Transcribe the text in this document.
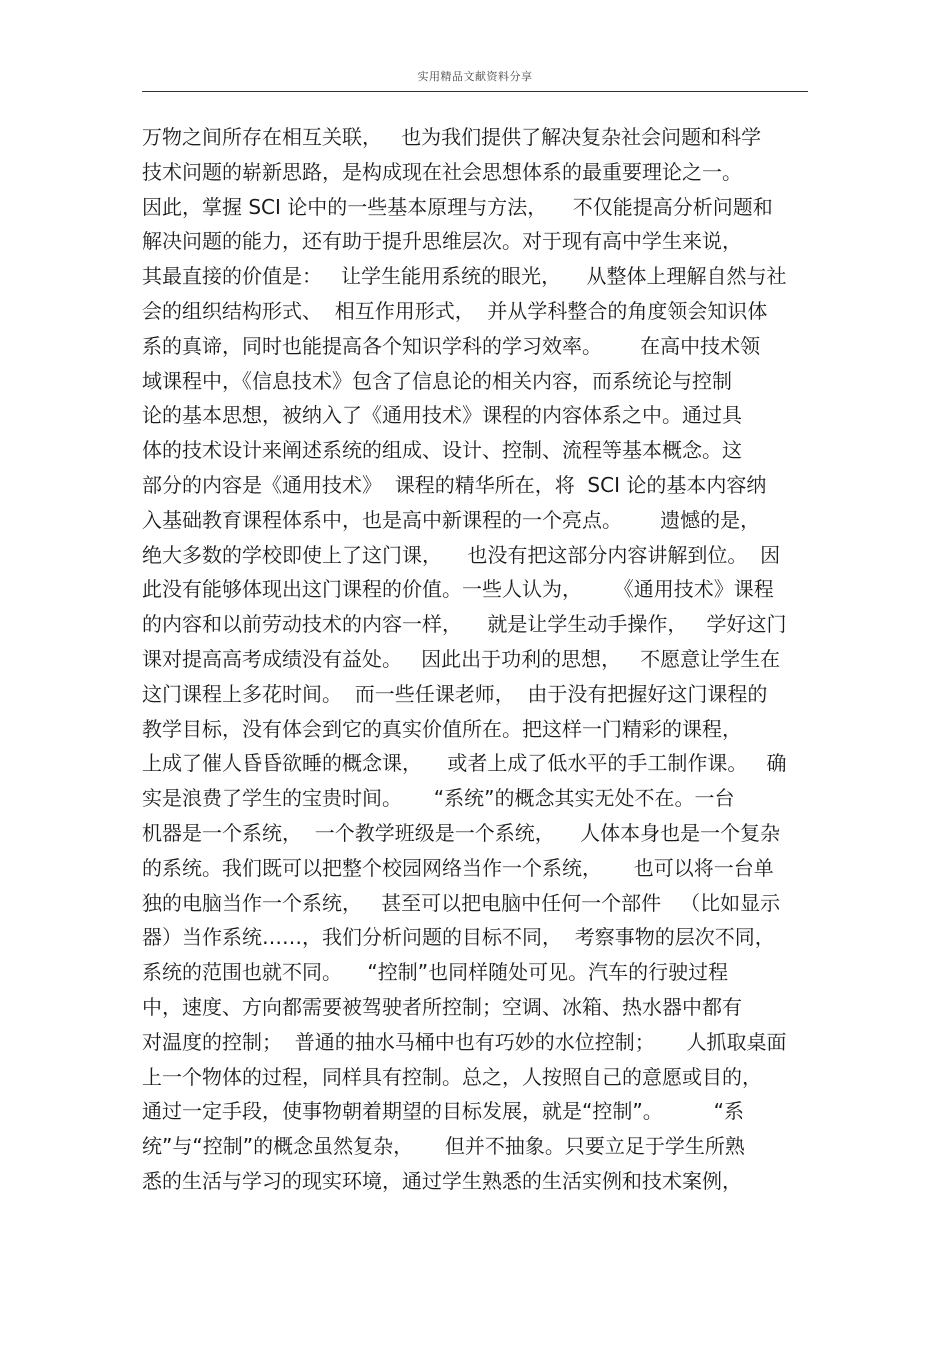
实用精品文献资料分享
万物之间所存在相互关联，   也为我们提供了解决复杂社会问题和科学
技术问题的崭新思路，是构成现在社会思想体系的最重要理论之一。
因此，掌握 SCI 论中的一些基本原理与方法，    不仅能提高分析问题和
解决问题的能力，还有助于提升思维层次。对于现有高中学生来说，
其最直接的价值是：   让学生能用系统的眼光，    从整体上理解自然与社
会的组织结构形式、  相互作用形式，  并从学科整合的角度领会知识体
系的真谛，同时也能提高各个知识学科的学习效率。      在高中技术领
域课程中，《信息技术》包含了信息论的相关内容，而系统论与控制
论的基本思想，被纳入了《通用技术》课程的内容体系之中。通过具
体的技术设计来阐述系统的组成、设计、控制、流程等基本概念。这
部分的内容是《通用技术》  课程的精华所在，将  SCI 论的基本内容纳
入基础教育课程体系中，也是高中新课程的一个亮点。      遗憾的是，
绝大多数的学校即使上了这门课，    也没有把这部分内容讲解到位。  因
此没有能够体现出这门课程的价值。一些人认为，     《通用技术》课程
的内容和以前劳动技术的内容一样，    就是让学生动手操作，   学好这门
课对提高高考成绩没有益处。   因此出于功利的思想，   不愿意让学生在
这门课程上多花时间。  而一些任课老师，  由于没有把握好这门课程的
教学目标，没有体会到它的真实价值所在。把这样一门精彩的课程，
上成了催人昏昏欲睡的概念课，    或者上成了低水平的手工制作课。   确
实是浪费了学生的宝贵时间。     “系统”的概念其实无处不在。一台
机器是一个系统，  一个教学班级是一个系统，    人体本身也是一个复杂
的系统。我们既可以把整个校园网络当作一个系统，     也可以将一台单
独的电脑当作一个系统，   甚至可以把电脑中任何一个部件   （比如显示
器）当作系统……，我们分析问题的目标不同，  考察事物的层次不同，
系统的范围也就不同。    “控制”也同样随处可见。汽车的行驶过程
中，速度、方向都需要被驾驶者所控制；空调、冰箱、热水器中都有
对温度的控制；  普通的抽水马桶中也有巧妙的水位控制；     人抓取桌面
上一个物体的过程，同样具有控制。总之，人按照自己的意愿或目的，
通过一定手段，使事物朝着期望的目标发展，就是“控制”。        “系
统”与“控制”的概念虽然复杂，     但并不抽象。只要立足于学生所熟
悉的生活与学习的现实环境，通过学生熟悉的生活实例和技术案例，
